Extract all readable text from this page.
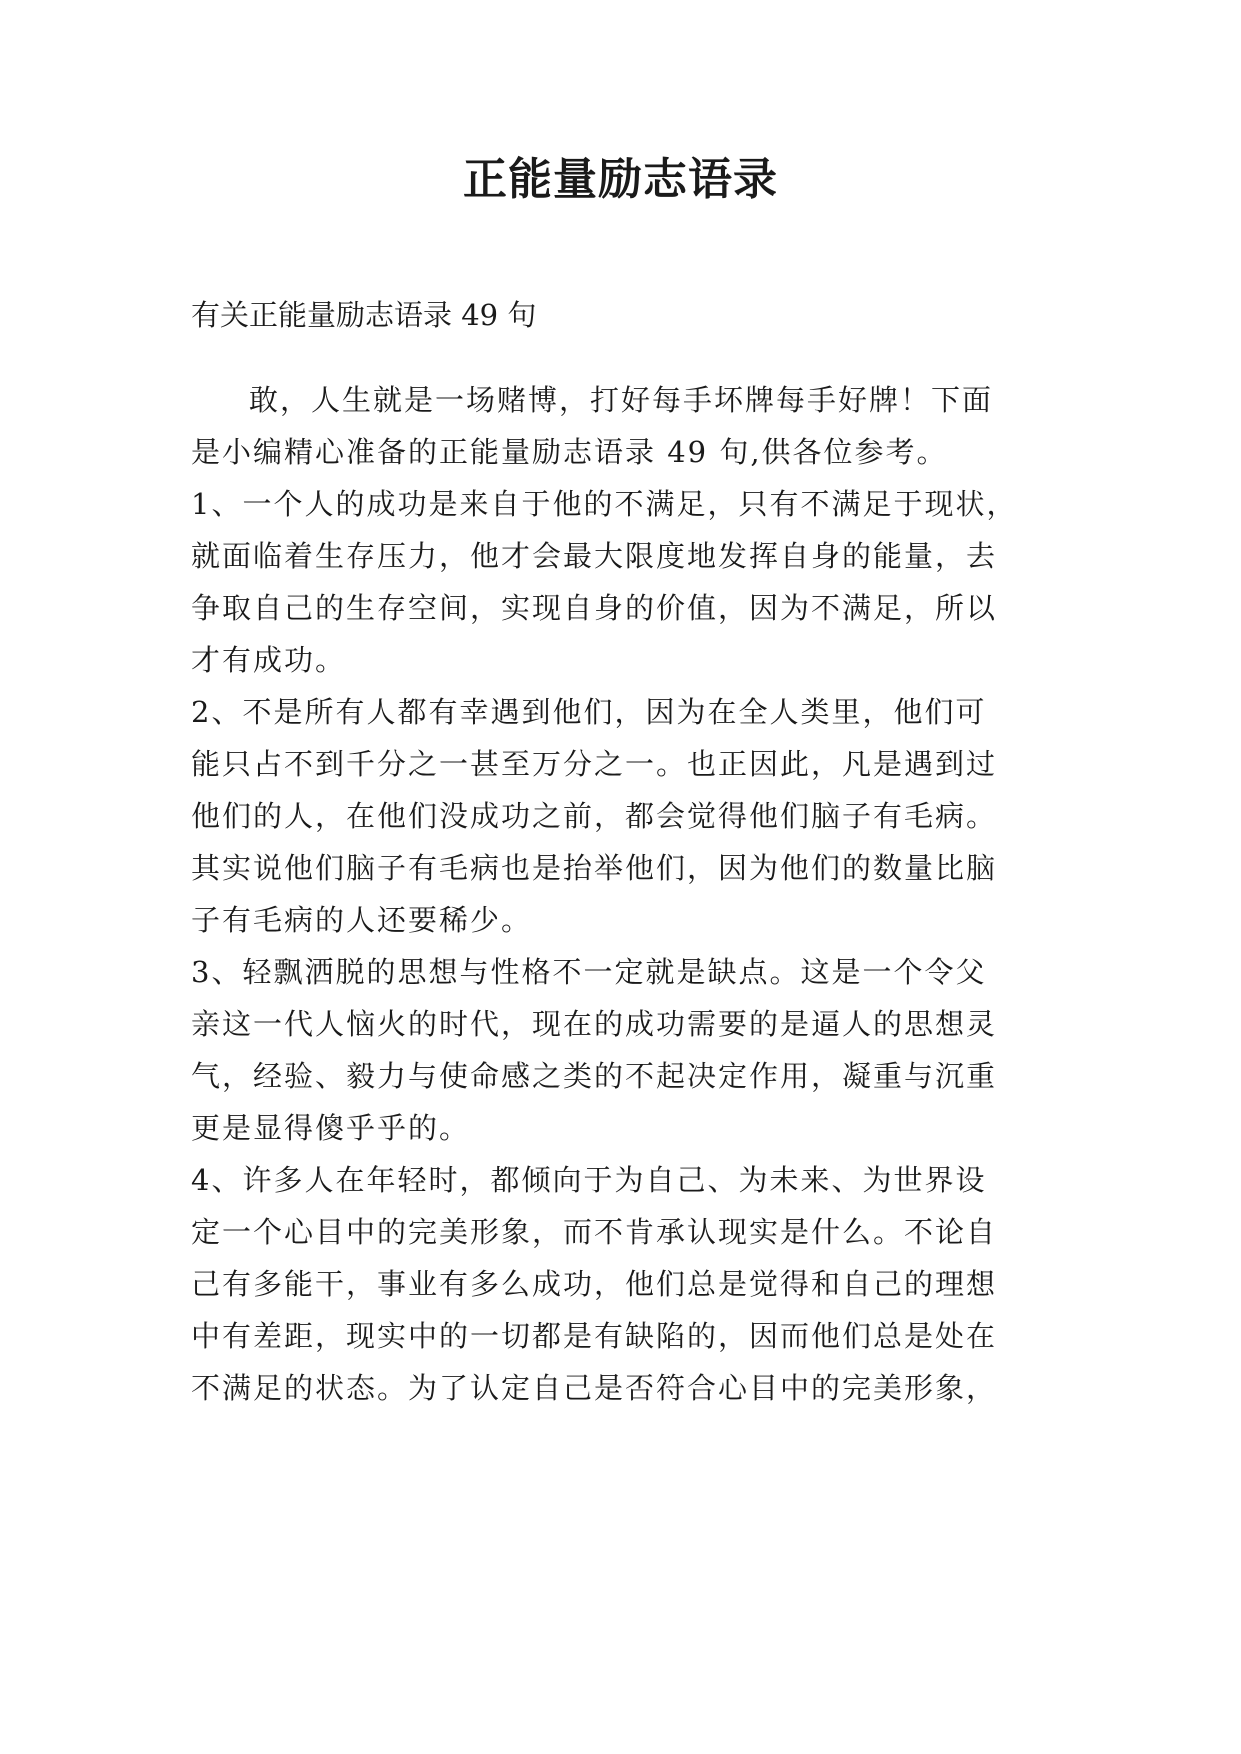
正能量励志语录

有关正能量励志语录 49 句

敢，人生就是一场赌博，打好每手坏牌每手好牌！下面

是小编精心准备的正能量励志语录 49 句,供各位参考。

1、一个人的成功是来自于他的不满足，只有不满足于现状，

就面临着生存压力，他才会最大限度地发挥自身的能量，去

争取自己的生存空间，实现自身的价值，因为不满足，所以

才有成功。

2、不是所有人都有幸遇到他们，因为在全人类里，他们可

能只占不到千分之一甚至万分之一。也正因此，凡是遇到过

他们的人，在他们没成功之前，都会觉得他们脑子有毛病。

其实说他们脑子有毛病也是抬举他们，因为他们的数量比脑

子有毛病的人还要稀少。

3、轻飘洒脱的思想与性格不一定就是缺点。这是一个令父

亲这一代人恼火的时代，现在的成功需要的是逼人的思想灵

气，经验、毅力与使命感之类的不起决定作用，凝重与沉重

更是显得傻乎乎的。

4、许多人在年轻时，都倾向于为自己、为未来、为世界设

定一个心目中的完美形象，而不肯承认现实是什么。不论自

己有多能干，事业有多么成功，他们总是觉得和自己的理想

中有差距，现实中的一切都是有缺陷的，因而他们总是处在

不满足的状态。为了认定自己是否符合心目中的完美形象，
